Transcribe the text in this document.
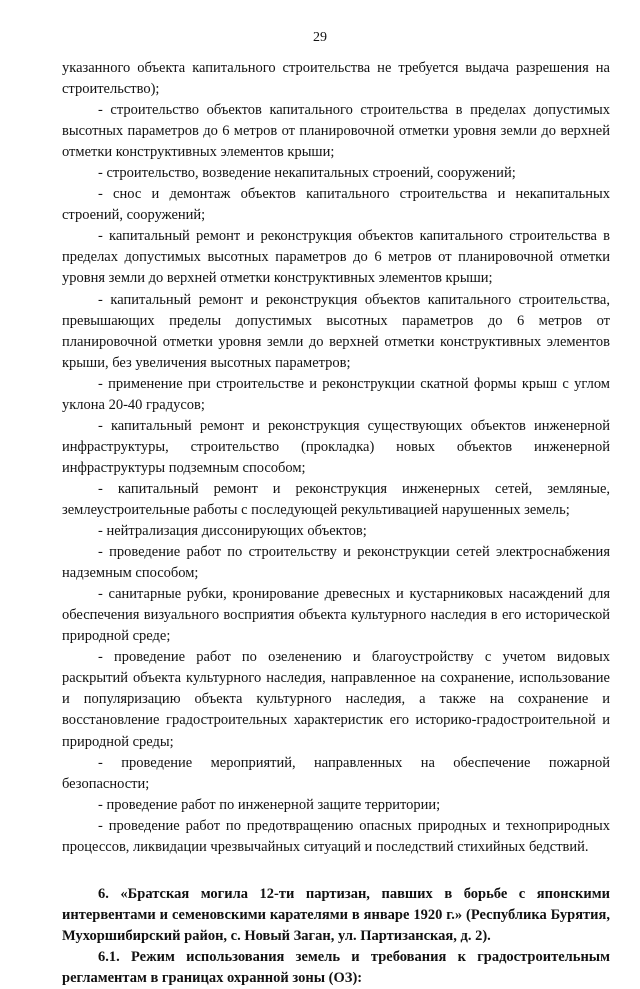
29

указанного объекта капитального строительства не требуется выдача разрешения на строительство);

- строительство объектов капитального строительства в пределах допустимых высотных параметров до 6 метров от планировочной отметки уровня земли до верхней отметки конструктивных элементов крыши;

- строительство, возведение некапитальных строений, сооружений;

- снос и демонтаж объектов капитального строительства и некапитальных строений, сооружений;

- капитальный ремонт и реконструкция объектов капитального строительства в пределах допустимых высотных параметров до 6 метров от планировочной отметки уровня земли до верхней отметки конструктивных элементов крыши;

- капитальный ремонт и реконструкция объектов капитального строительства, превышающих пределы допустимых высотных параметров до 6 метров от планировочной отметки уровня земли до верхней отметки конструктивных элементов крыши, без увеличения высотных параметров;

- применение при строительстве и реконструкции скатной формы крыш с углом уклона 20-40 градусов;

- капитальный ремонт и реконструкция существующих объектов инженерной инфраструктуры, строительство (прокладка) новых объектов инженерной инфраструктуры подземным способом;

- капитальный ремонт и реконструкция инженерных сетей, земляные, землеустроительные работы с последующей рекультивацией нарушенных земель;

- нейтрализация диссонирующих объектов;

- проведение работ по строительству и реконструкции сетей электроснабжения надземным способом;

- санитарные рубки, кронирование древесных и кустарниковых насаждений для обеспечения визуального восприятия объекта культурного наследия в его исторической природной среде;

- проведение работ по озеленению и благоустройству с учетом видовых раскрытий объекта культурного наследия, направленное на сохранение, использование и популяризацию объекта культурного наследия, а также на сохранение и восстановление градостроительных характеристик его историко-градостроительной и природной среды;

- проведение мероприятий, направленных на обеспечение пожарной безопасности;

- проведение работ по инженерной защите территории;

- проведение работ по предотвращению опасных природных и техноприродных процессов, ликвидации чрезвычайных ситуаций и последствий стихийных бедствий.

6. «Братская могила 12-ти партизан, павших в борьбе с японскими интервентами и семеновскими карателями в январе 1920 г.» (Республика Бурятия, Мухоршибирский район, с. Новый Заган, ул. Партизанская, д. 2).

6.1. Режим использования земель и требования к градостроительным регламентам в границах охранной зоны (ОЗ):
